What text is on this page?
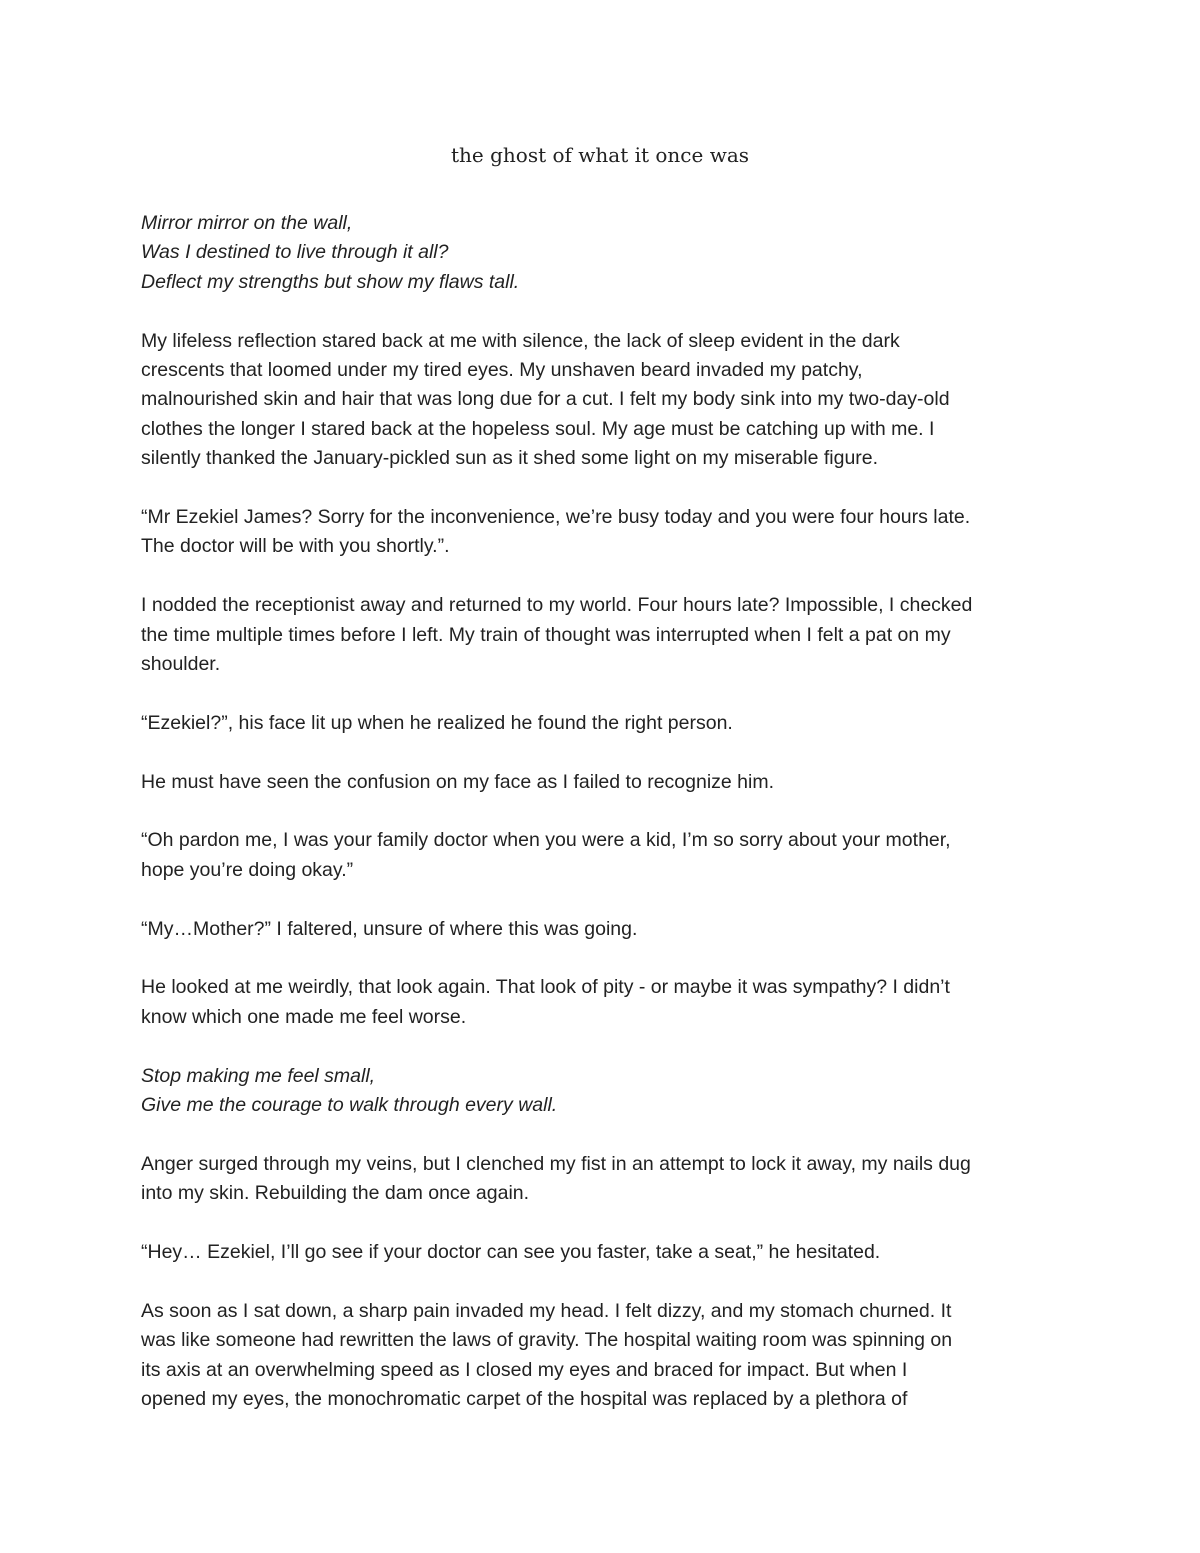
the ghost of what it once was
Mirror mirror on the wall,
Was I destined to live through it all?
Deflect my strengths but show my flaws tall.
My lifeless reflection stared back at me with silence, the lack of sleep evident in the dark
crescents that loomed under my tired eyes. My unshaven beard invaded my patchy,
malnourished skin and hair that was long due for a cut. I felt my body sink into my two-day-old
clothes the longer I stared back at the hopeless soul. My age must be catching up with me. I
silently thanked the January-pickled sun as it shed some light on my miserable figure.
“Mr Ezekiel James? Sorry for the inconvenience, we’re busy today and you were four hours late.
The doctor will be with you shortly.”.
I nodded the receptionist away and returned to my world. Four hours late? Impossible, I checked
the time multiple times before I left. My train of thought was interrupted when I felt a pat on my
shoulder.
“Ezekiel?”, his face lit up when he realized he found the right person.
He must have seen the confusion on my face as I failed to recognize him.
“Oh pardon me, I was your family doctor when you were a kid, I’m so sorry about your mother,
hope you’re doing okay.”
“My…Mother?” I faltered, unsure of where this was going.
He looked at me weirdly, that look again. That look of pity - or maybe it was sympathy? I didn’t
know which one made me feel worse.
Stop making me feel small,
Give me the courage to walk through every wall.
Anger surged through my veins, but I clenched my fist in an attempt to lock it away, my nails dug
into my skin. Rebuilding the dam once again.
“Hey… Ezekiel, I’ll go see if your doctor can see you faster, take a seat,” he hesitated.
As soon as I sat down, a sharp pain invaded my head. I felt dizzy, and my stomach churned. It
was like someone had rewritten the laws of gravity. The hospital waiting room was spinning on
its axis at an overwhelming speed as I closed my eyes and braced for impact. But when I
opened my eyes, the monochromatic carpet of the hospital was replaced by a plethora of
